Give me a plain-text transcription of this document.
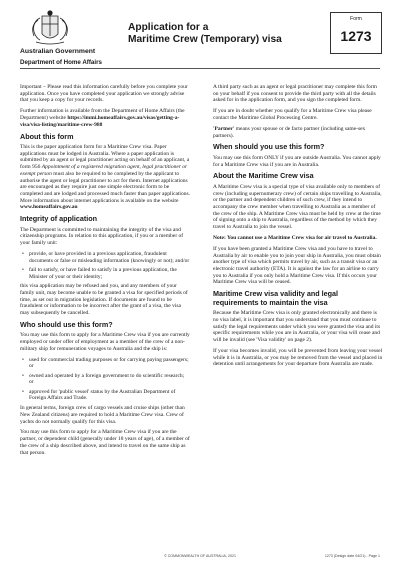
Australian Government
Department of Home Affairs
Application for a
Maritime Crew (Temporary) visa
Form
1273

Important – Please read this information carefully before you complete your application. Once you have completed your application we strongly advise that you keep a copy for your records.

Further information is available from the Department of Home Affairs (the Department) website https://immi.homeaffairs.gov.au/visas/getting-a-visa/visa-listing/maritime-crew-988

About this form

This is the paper application form for a Maritime Crew visa. Paper applications must be lodged in Australia. Where a paper application is submitted by an agent or legal practitioner acting on behalf of an applicant, a form 956 Appointment of a registered migration agent, legal practitioner or exempt person must also be required to be completed by the applicant to authorise the agent or legal practitioner to act for them. Internet applications are encouraged as they require just one simple electronic form to be completed and are lodged and processed much faster than paper applications. More information about internet applications is available on the website www.homeaffairs.gov.au

Integrity of application

The Department is committed to maintaining the integrity of the visa and citizenship programs. In relation to this application, if you or a member of your family unit:

• provide, or have provided in a previous application, fraudulent documents or false or misleading information (knowingly or not); and/or
• fail to satisfy, or have failed to satisfy in a previous application, the Minister of your or their identity;

this visa application may be refused and you, and any members of your family unit, may become unable to be granted a visa for specified periods of time, as set out in migration legislation. If documents are found to be fraudulent or information to be incorrect after the grant of a visa, the visa may subsequently be cancelled.

Who should use this form?

You may use this form to apply for a Maritime Crew visa if you are currently employed or under offer of employment as a member of the crew of a non-military ship for remuneration voyages to Australia and the ship is:

• used for commercial trading purposes or for carrying paying passengers; or
• owned and operated by a foreign government to do scientific research; or
• approved for 'public vessel' status by the Australian Department of Foreign Affairs and Trade.

In general terms, foreign crew of cargo vessels and cruise ships (other than New Zealand citizens) are required to hold a Maritime Crew visa. Crew of yachts do not normally qualify for this visa.

You may use this form to apply for a Maritime Crew visa if you are the partner, or dependent child (generally under 18 years of age), of a member of the crew of a ship described above, and intend to travel on the same ship as that person.

A third party such as an agent or legal practitioner may complete this form on your behalf if you consent to provide the third party with all the details asked for in the application form, and you sign the completed form.

If you are in doubt whether you qualify for a Maritime Crew visa please contact the Maritime Global Processing Centre.

'Partner' means your spouse or de facto partner (including same-sex partners).

When should you use this form?

You may use this form ONLY if you are outside Australia. You cannot apply for a Maritime Crew visa if you are in Australia.

About the Maritime Crew visa

A Maritime Crew visa is a special type of visa available only to members of crew (including supernumerary crew) of certain ships travelling to Australia, or the partner and dependent children of such crew, if they intend to accompany the crew member when travelling to Australia as a member of the crew of the ship. A Maritime Crew visa must be held by crew at the time of signing onto a ship to Australia, regardless of the method by which they travel to Australia to join the vessel.

Note: You cannot use a Maritime Crew visa for air travel to Australia.

If you have been granted a Maritime Crew visa and you have to travel to Australia by air to enable you to join your ship in Australia, you must obtain another type of visa which permits travel by air, such as a transit visa or an electronic travel authority (ETA). It is against the law for an airline to carry you to Australia if you only hold a Maritime Crew visa. If this occurs your Maritime Crew visa will be ceased.

Maritime Crew visa validity and legal requirements to maintain the visa

Because the Maritime Crew visa is only granted electronically and there is no visa label, it is important that you understand that you must continue to satisfy the legal requirements under which you were granted the visa and its specific requirements while you are in Australia, or your visa will cease and will be invalid (see 'Visa validity' on page 2).

If your visa becomes invalid, you will be prevented from leaving your vessel while it is in Australia, or you may be removed from the vessel and placed in detention until arrangements for your departure from Australia are made.

© COMMONWEALTH OF AUSTRALIA, 2021	1273 (Design date 04/21) - Page 1
